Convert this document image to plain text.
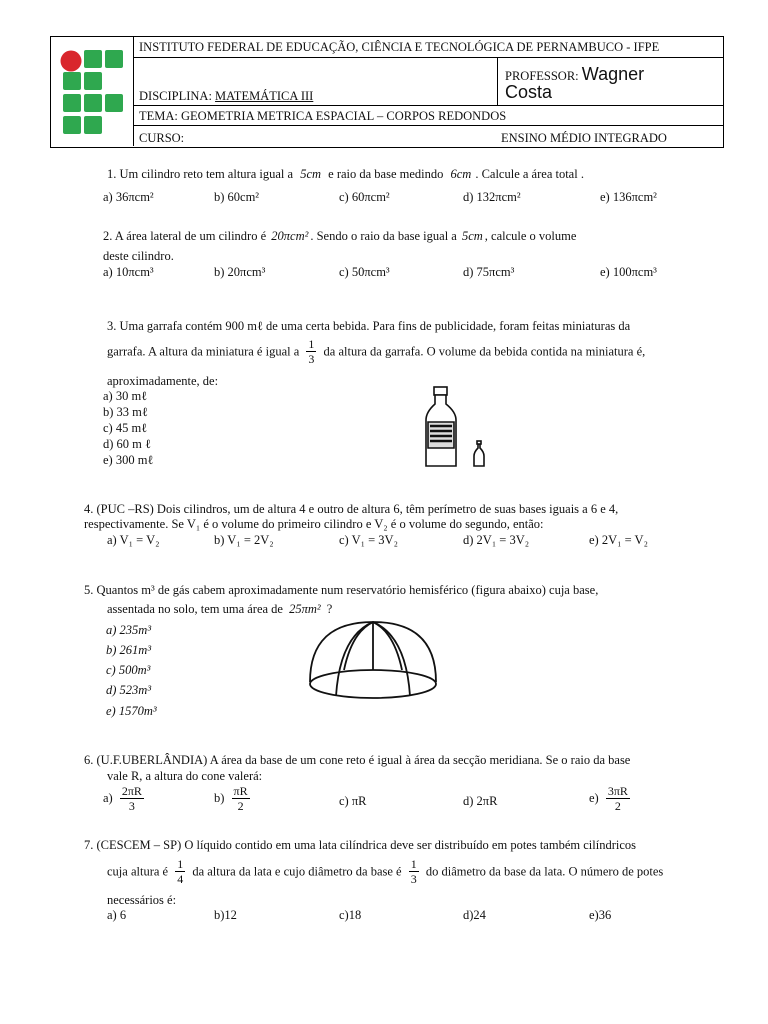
INSTITUTO FEDERAL DE EDUCAÇÃO, CIÊNCIA E TECNOLÓGICA DE PERNAMBUCO - IFPE
PROFESSOR: Wagner
Costa
DISCIPLINA: MATEMÁTICA III
TEMA: GEOMETRIA METRICA ESPACIAL – CORPOS REDONDOS
CURSO:	ENSINO MÉDIO INTEGRADO
1. Um cilindro reto tem altura igual a 5cm e raio da base medindo 6cm . Calcule a área total .
a) 36πcm²	b) 60cm²	c) 60πcm²	d) 132πcm²	e) 136πcm²
2. A área lateral de um cilindro é 20πcm² . Sendo o raio da base igual a 5cm , calcule o volume
deste cilindro.
a) 10πcm³	b) 20πcm³	c) 50πcm³	d) 75πcm³	e) 100πcm³
3. Uma garrafa contém 900 mℓ de uma certa bebida. Para fins de publicidade, foram feitas miniaturas da
garrafa. A altura da miniatura é igual a $\frac{1}{3}$ da altura da garrafa. O volume da bebida contida na miniatura é,
aproximadamente, de:
a) 30 mℓ
b) 33 mℓ
c) 45 mℓ
d) 60 m ℓ
e) 300 mℓ
4. (PUC –RS) Dois cilindros, um de altura 4 e outro de altura 6, têm perímetro de suas bases iguais a 6 e 4,
respectivamente. Se V₁ é o volume do primeiro cilindro e V₂ é o volume do segundo, então:
a) V₁ = V₂	b) V₁ = 2V₂	c) V₁ = 3V₂	d) 2V₁ = 3V₂	e) 2V₁ = V₂
5. Quantos m³ de gás cabem aproximadamente num reservatório hemisférico (figura abaixo) cuja base,
assentada no solo, tem uma área de 25πm² ?
a) 235m³
b) 261m³
c) 500m³
d) 523m³
e) 1570m³
6. (U.F.UBERLÂNDIA) A área da base de um cone reto é igual à área da secção meridiana. Se o raio da base
vale R, a altura do cone valerá:
$a) \frac{2\pi R}{3}$	$b) \frac{\pi R}{2}$	c) πR	d) 2πR	$e) \frac{3\pi R}{2}$
7. (CESCEM – SP) O líquido contido em uma lata cilíndrica deve ser distribuído em potes também cilíndricos
cuja altura é $\frac{1}{4}$ da altura da lata e cujo diâmetro da base é $\frac{1}{3}$ do diâmetro da base da lata. O número de potes
necessários é:
a) 6	b)12	c)18	d)24	e)36
